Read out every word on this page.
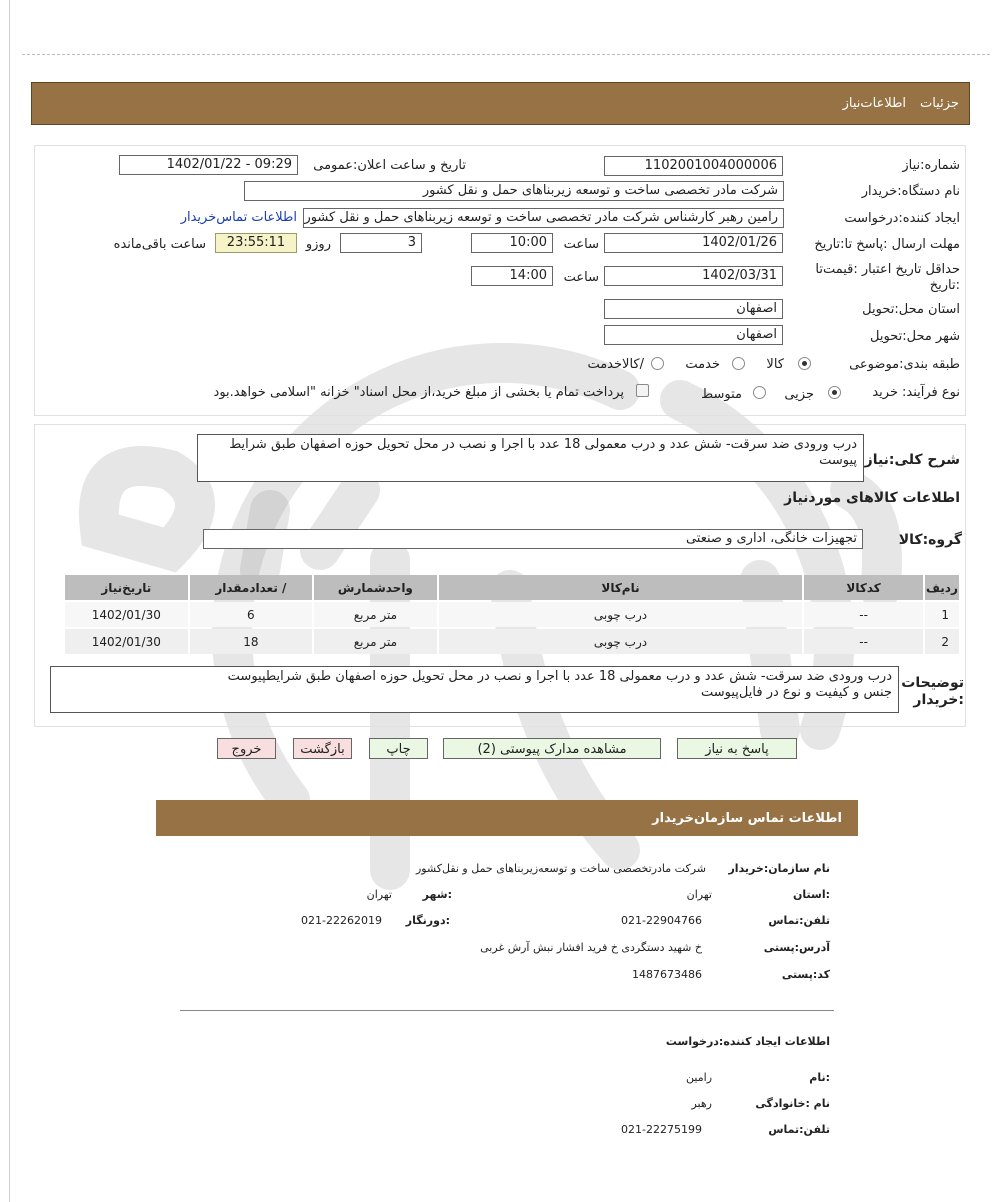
جزئیات
اطلاعات‌نیاز
شماره:نیاز
1102001004000006
تاریخ و ساعت اعلان:عمومی
1402/01/22 - 09:29
نام دستگاه:خریدار
شرکت مادر تخصصی ساخت و توسعه زیربناهای حمل و نقل کشور
ایجاد کننده:درخواست
رامین رهبر کارشناس شرکت مادر تخصصی ساخت و توسعه زیربناهای حمل و نقل کشور
اطلاعات تماس‌خریدار
مهلت ارسال :پاسخ تا:تاریخ
1402/01/26
ساعت
10:00
3
روزو
23:55:11
ساعت باقی‌مانده
حداقل تاریخ اعتبار :قیمت‌تا
:تاریخ
1402/03/31
ساعت
14:00
استان محل:تحویل
اصفهان
شهر محل:تحویل
اصفهان
طبقه بندی:موضوعی
کالا
خدمت
/کالاخدمت
نوع فرآیند:
خرید
جزیی
متوسط
پرداخت تمام یا بخشی از مبلغ خرید،از محل اسناد" خزانه "اسلامی خواهد.بود
شرح کلی:نیاز
درب ورودی ضد سرقت- شش عدد و درب معمولی 18 عدد با اجرا و نصب در محل تحویل حوزه اصفهان طبق شرایط پیوست
اطلاعات کالاهای موردنیاز
گروه:کالا
تجهیزات خانگی، اداری و صنعتی
ردیف	کدکالا	نام‌کالا	واحدشمارش	/ تعدادمقدار	تاریخ‌نیاز
1	--	درب چوبی	متر مربع	6	1402/01/30
2	--	درب چوبی	متر مربع	18	1402/01/30
توضیحات
:خریدار
درب ورودی ضد سرقت- شش عدد و درب معمولی 18 عدد با اجرا و نصب در محل تحویل حوزه اصفهان طبق شرایطپیوست
جنس و کیفیت و نوع در فایل‌پیوست
پاسخ به نیاز
مشاهده مدارک پیوستی (2)
چاپ
بازگشت
خروج
اطلاعات تماس سازمان‌خریدار
نام سازمان:خریدار
شرکت مادرتخصصی ساخت و توسعه‌زیربناهای حمل و نقل‌کشور
:استان
تهران
:شهر
تهران
تلفن:تماس
021-22904766
:دورنگار
021-22262019
آدرس:پستی
خ شهید دستگردی خ فرید افشار نبش آرش غربی
کد:پستی
1487673486
اطلاعات ایجاد کننده:درخواست
:نام
رامین
نام :خانوادگی
رهبر
تلفن:تماس
021-22275199
